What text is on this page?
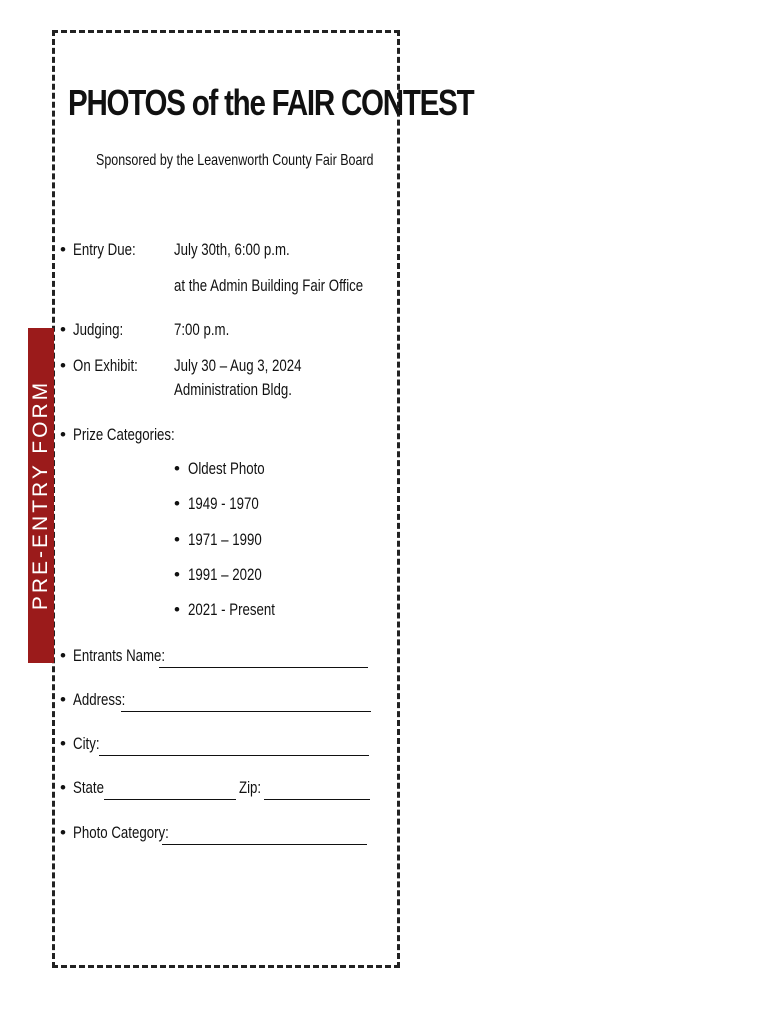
PRE-ENTRY FORM
PHOTOS of the FAIR CONTEST
Sponsored by the Leavenworth County Fair Board
• Entry Due:	July 30th, 6:00 p.m.
at the Admin Building Fair Office
• Judging:	7:00 p.m.
• On Exhibit:	July 30 – Aug 3, 2024
Administration Bldg.
• Prize Categories:
• Oldest Photo
• 1949 - 1970
• 1971 – 1990
• 1991 – 2020
• 2021 - Present
• Entrants Name:
• Address:
• City:
• State	Zip:
• Photo Category:
